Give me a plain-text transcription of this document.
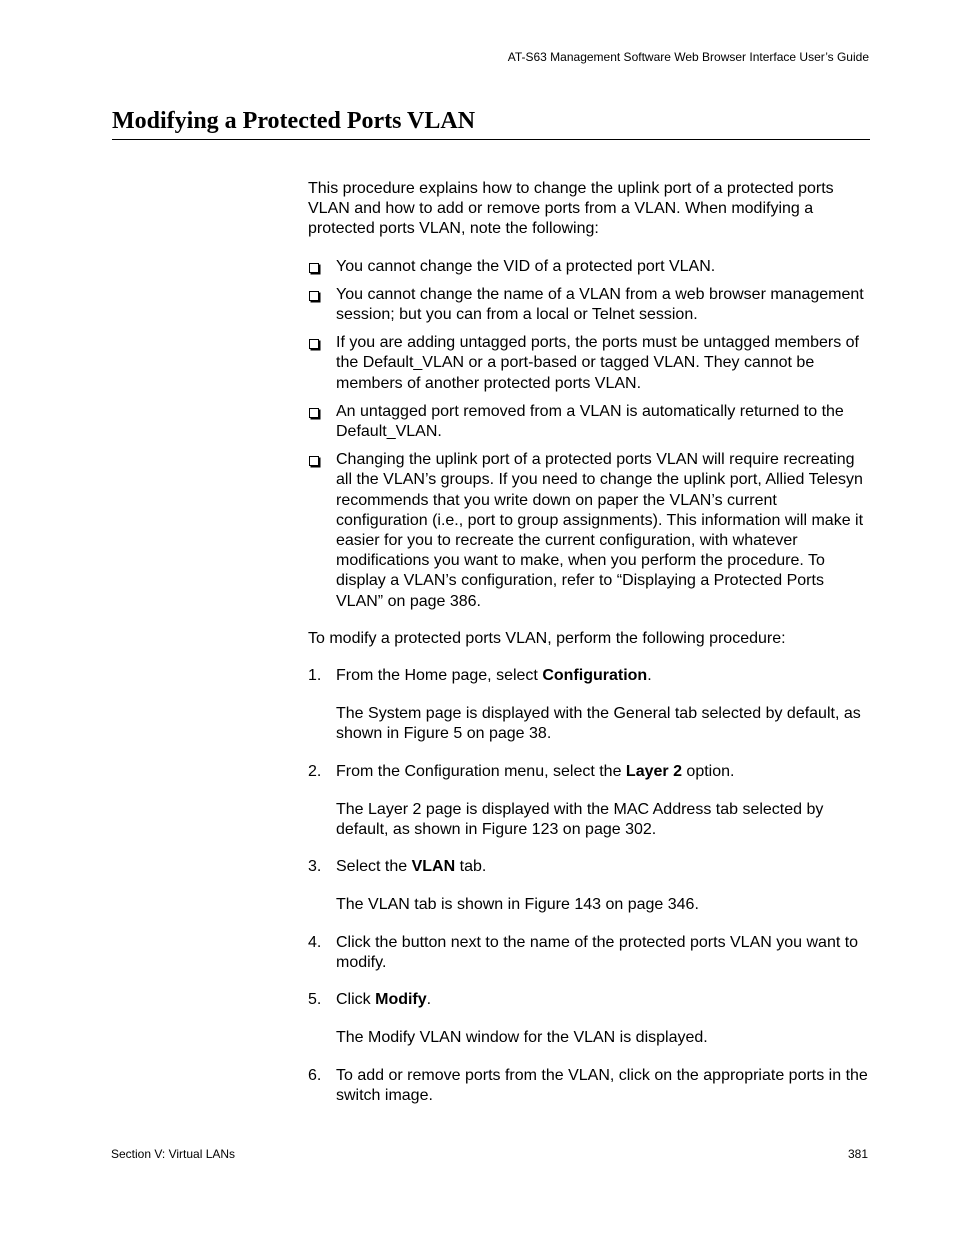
AT-S63 Management Software Web Browser Interface User’s Guide
Modifying a Protected Ports VLAN

This procedure explains how to change the uplink port of a protected ports VLAN and how to add or remove ports from a VLAN. When modifying a protected ports VLAN, note the following:

You cannot change the VID of a protected port VLAN.
You cannot change the name of a VLAN from a web browser management session; but you can from a local or Telnet session.
If you are adding untagged ports, the ports must be untagged members of the Default_VLAN or a port-based or tagged VLAN. They cannot be members of another protected ports VLAN.
An untagged port removed from a VLAN is automatically returned to the Default_VLAN.
Changing the uplink port of a protected ports VLAN will require recreating all the VLAN’s groups. If you need to change the uplink port, Allied Telesyn recommends that you write down on paper the VLAN’s current configuration (i.e., port to group assignments). This information will make it easier for you to recreate the current configuration, with whatever modifications you want to make, when you perform the procedure. To display a VLAN’s configuration, refer to “Displaying a Protected Ports VLAN” on page 386.

To modify a protected ports VLAN, perform the following procedure:

1. From the Home page, select Configuration.

The System page is displayed with the General tab selected by default, as shown in Figure 5 on page 38.

2. From the Configuration menu, select the Layer 2 option.

The Layer 2 page is displayed with the MAC Address tab selected by default, as shown in Figure 123 on page 302.

3. Select the VLAN tab.

The VLAN tab is shown in Figure 143 on page 346.

4. Click the button next to the name of the protected ports VLAN you want to modify.

5. Click Modify.

The Modify VLAN window for the VLAN is displayed.

6. To add or remove ports from the VLAN, click on the appropriate ports in the switch image.

Section V: Virtual LANs	381
